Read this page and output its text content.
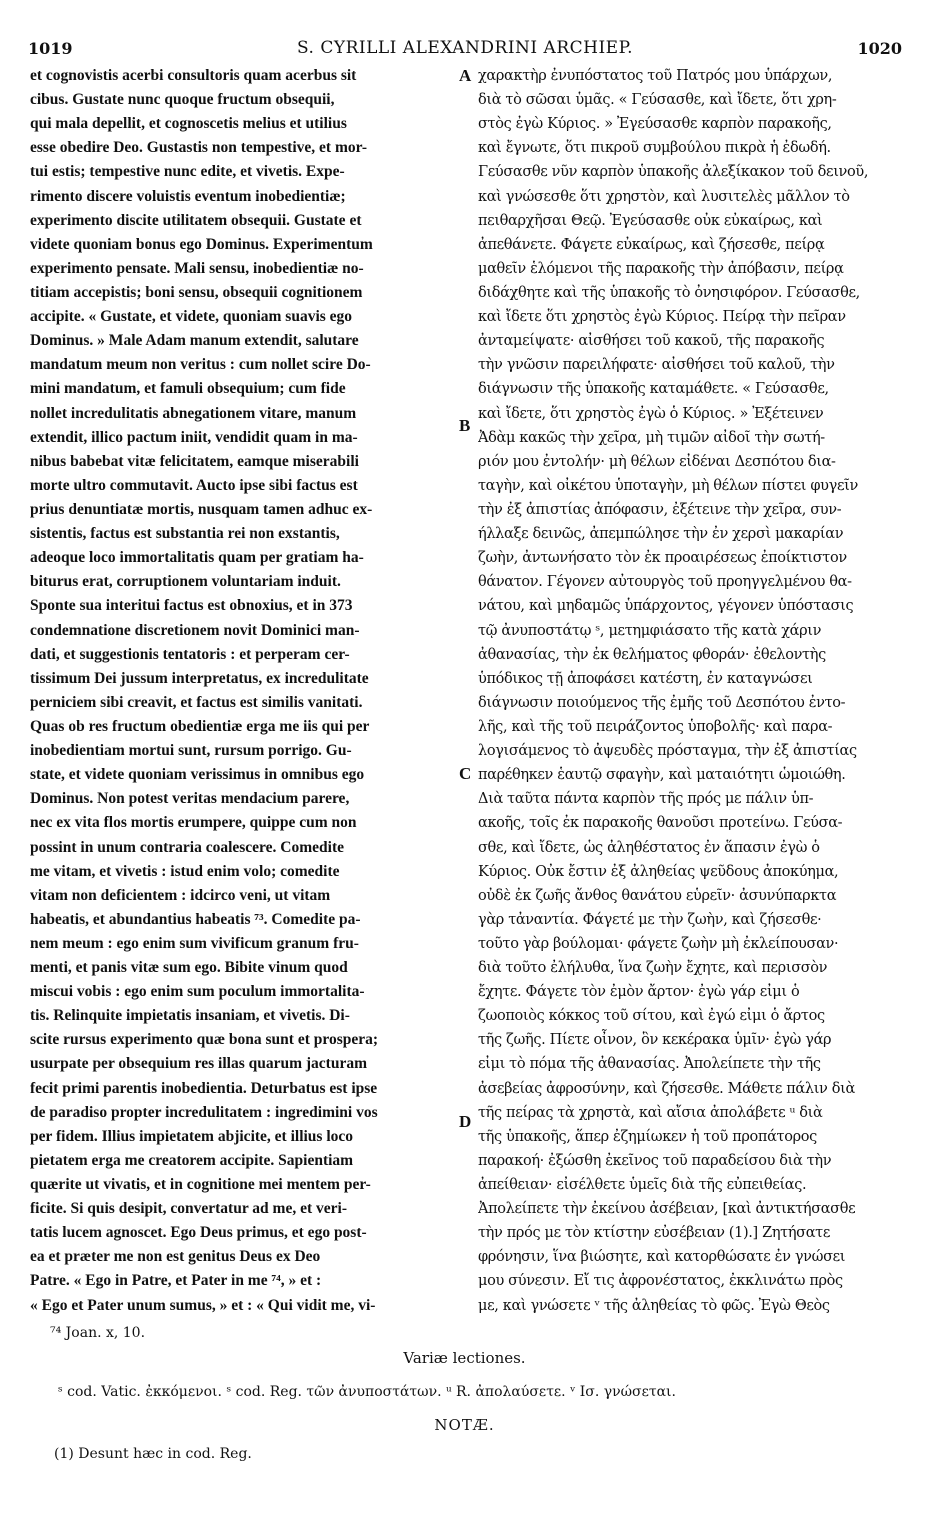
1019	S. CYRILLI ALEXANDRINI ARCHIEP.	1020
et cognovistis acerbi consultoris quam acerbus sit
cibus. Gustate nunc quoque fructum obsequii,
qui mala depellit, et cognoscetis melius et utilius
esse obedire Deo. Gustastis non tempestive, et mor-
tui estis; tempestive nunc edite, et vivetis. Expe-
rimento discere voluistis eventum inobedientiæ;
experimento discite utilitatem obsequii. Gustate et
videte quoniam bonus ego Dominus. Experimentum
experimento pensate. Mali sensu, inobedientiæ no-
titiam accepistis; boni sensu, obsequii cognitionem
accipite. « Gustate, et videte, quoniam suavis ego
Dominus. » Male Adam manum extendit, salutare
mandatum meum non veritus : cum nollet scire Do-
mini mandatum, et famuli obsequium; cum fide
nollet incredulitatis abnegationem vitare, manum
extendit, illico pactum iniit, vendidit quam in ma-
nibus babebat vitæ felicitatem, eamque miserabili
morte ultro commutavit. Aucto ipse sibi factus est
prius denuntiatæ mortis, nusquam tamen adhuc ex-
sistentis, factus est substantia rei non exstantis,
adeoque loco immortalitatis quam per gratiam ha-
biturus erat, corruptionem voluntariam induit.
Sponte sua interitui factus est obnoxius, et in 373
condemnatione discretionem novit Dominici man-
dati, et suggestionis tentatoris : et perperam cer-
tissimum Dei jussum interpretatus, ex incredulitate
perniciem sibi creavit, et factus est similis vanitati.
Quas ob res fructum obedientiæ erga me iis qui per
inobedientiam mortui sunt, rursum porrigo. Gu-
state, et videte quoniam verissimus in omnibus ego
Dominus. Non potest veritas mendacium parere,
nec ex vita flos mortis erumpere, quippe cum non
possint in unum contraria coalescere. Comedite
me vitam, et vivetis : istud enim volo; comedite
vitam non deficientem : idcirco veni, ut vitam
habeatis, et abundantius habeatis ⁷³. Comedite pa-
nem meum : ego enim sum vivificum granum fru-
menti, et panis vitæ sum ego. Bibite vinum quod
miscui vobis : ego enim sum poculum immortalita-
tis. Relinquite impietatis insaniam, et vivetis. Di-
scite rursus experimento quæ bona sunt et prospera;
usurpate per obsequium res illas quarum jacturam
fecit primi parentis inobedientia. Deturbatus est ipse
de paradiso propter incredulitatem : ingredimini vos
per fidem. Illius impietatem abjicite, et illius loco
pietatem erga me creatorem accipite. Sapientiam
quærite ut vivatis, et in cognitione mei mentem per-
ficite. Si quis desipit, convertatur ad me, et veri-
tatis lucem agnoscet. Ego Deus primus, et ego post-
ea et præter me non est genitus Deus ex Deo
Patre. « Ego in Patre, et Pater in me ⁷⁴, » et :
« Ego et Pater unum sumus, » et : « Qui vidit me, vi-
A
B
C
D
χαρακτὴρ ἐνυπόστατος τοῦ Πατρός μου ὑπάρχων,
διὰ τὸ σῶσαι ὑμᾶς. « Γεύσασθε, καὶ ἴδετε, ὅτι χρη-
στὸς ἐγὼ Κύριος. » Ἐγεύσασθε καρπὸν παρακοῆς,
καὶ ἔγνωτε, ὅτι πικροῦ συμβούλου πικρὰ ἡ ἐδωδή.
Γεύσασθε νῦν καρπὸν ὑπακοῆς ἀλεξίκακον τοῦ δεινοῦ,
καὶ γνώσεσθε ὅτι χρηστὸν, καὶ λυσιτελὲς μᾶλλον τὸ
πειθαρχῆσαι Θεῷ. Ἐγεύσασθε οὐκ εὐκαίρως, καὶ
ἀπεθάνετε. Φάγετε εὐκαίρως, καὶ ζήσεσθε, πείρᾳ
μαθεῖν ἑλόμενοι τῆς παρακοῆς τὴν ἀπόβασιν, πείρᾳ
διδάχθητε καὶ τῆς ὑπακοῆς τὸ ὀνησιφόρον. Γεύσασθε,
καὶ ἴδετε ὅτι χρηστὸς ἐγὼ Κύριος. Πείρᾳ τὴν πεῖραν
ἀνταμείψατε· αἰσθήσει τοῦ κακοῦ, τῆς παρακοῆς
τὴν γνῶσιν παρειλήφατε· αἰσθήσει τοῦ καλοῦ, τὴν
διάγνωσιν τῆς ὑπακοῆς καταμάθετε. « Γεύσασθε,
καὶ ἴδετε, ὅτι χρηστὸς ἐγὼ ὁ Κύριος. » Ἐξέτεινεν
Ἀδὰμ κακῶς τὴν χεῖρα, μὴ τιμῶν αἰδοῖ τὴν σωτή-
ριόν μου ἐντολήν· μὴ θέλων εἰδέναι Δεσπότου δια-
ταγὴν, καὶ οἰκέτου ὑποταγὴν, μὴ θέλων πίστει φυγεῖν
τὴν ἐξ ἀπιστίας ἀπόφασιν, ἐξέτεινε τὴν χεῖρα, συν-
ήλλαξε δεινῶς, ἀπεμπώλησε τὴν ἐν χερσὶ μακαρίαν
ζωὴν, ἀντωνήσατο τὸν ἐκ προαιρέσεως ἐποίκτιστον
θάνατον. Γέγονεν αὐτουργὸς τοῦ προηγγελμένου θα-
νάτου, καὶ μηδαμῶς ὑπάρχοντος, γέγονεν ὑπόστασις
τῷ ἀνυποστάτῳ ˢ, μετημφιάσατο τῆς κατὰ χάριν
ἀθανασίας, τὴν ἐκ θελήματος φθοράν· ἐθελοντὴς
ὑπόδικος τῇ ἀποφάσει κατέστη, ἐν καταγνώσει
διάγνωσιν ποιούμενος τῆς ἐμῆς τοῦ Δεσπότου ἐντο-
λῆς, καὶ τῆς τοῦ πειράζοντος ὑποβολῆς· καὶ παρα-
λογισάμενος τὸ ἀψευδὲς πρόσταγμα, τὴν ἐξ ἀπιστίας
παρέθηκεν ἑαυτῷ σφαγὴν, καὶ ματαιότητι ὡμοιώθη.
Διὰ ταῦτα πάντα καρπὸν τῆς πρός με πάλιν ὑπ-
ακοῆς, τοῖς ἐκ παρακοῆς θανοῦσι προτείνω. Γεύσα-
σθε, καὶ ἴδετε, ὡς ἀληθέστατος ἐν ἅπασιν ἐγὼ ὁ
Κύριος. Οὐκ ἔστιν ἐξ ἀληθείας ψεῦδους ἀποκύημα,
οὐδὲ ἐκ ζωῆς ἄνθος θανάτου εὑρεῖν· ἀσυνύπαρκτα
γὰρ τἀναντία. Φάγετέ με τὴν ζωὴν, καὶ ζήσεσθε·
τοῦτο γὰρ βούλομαι· φάγετε ζωὴν μὴ ἐκλείπουσαν·
διὰ τοῦτο ἐλήλυθα, ἵνα ζωὴν ἔχητε, καὶ περισσὸν
ἔχητε. Φάγετε τὸν ἐμὸν ἄρτον· ἐγὼ γάρ εἰμι ὁ
ζωοποιὸς κόκκος τοῦ σίτου, καὶ ἐγώ εἰμι ὁ ἄρτος
τῆς ζωῆς. Πίετε οἶνον, ὃν κεκέρακα ὑμῖν· ἐγὼ γάρ
εἰμι τὸ πόμα τῆς ἀθανασίας. Ἀπολείπετε τὴν τῆς
ἀσεβείας ἀφροσύνην, καὶ ζήσεσθε. Μάθετε πάλιν διὰ
τῆς πείρας τὰ χρηστὰ, καὶ αἴσια ἀπολάβετε ᵘ διὰ
τῆς ὑπακοῆς, ἅπερ ἐζημίωκεν ἡ τοῦ προπάτορος
παρακοή· ἐξώσθη ἐκεῖνος τοῦ παραδείσου διὰ τὴν
ἀπείθειαν· εἰσέλθετε ὑμεῖς διὰ τῆς εὐπειθείας.
Ἀπολείπετε τὴν ἐκείνου ἀσέβειαν, [καὶ ἀντικτήσασθε
τὴν πρός με τὸν κτίστην εὐσέβειαν (1).] Ζητήσατε
φρόνησιν, ἵνα βιώσητε, καὶ κατορθώσατε ἐν γνώσει
μου σύνεσιν. Εἴ τις ἀφρονέστατος, ἐκκλινάτω πρὸς
με, καὶ γνώσετε ᵛ τῆς ἀληθείας τὸ φῶς. Ἐγὼ Θεὸς
⁷⁴ Joan. x, 10.
Variæ lectiones.
ˢ cod. Vatic. ἐκκόμενοι. ˢ cod. Reg. τῶν ἀνυποστάτων. ᵘ R. ἀπολαύσετε. ᵛ Ισ. γνώσεται.
NOTÆ.
(1) Desunt hæc in cod. Reg.
